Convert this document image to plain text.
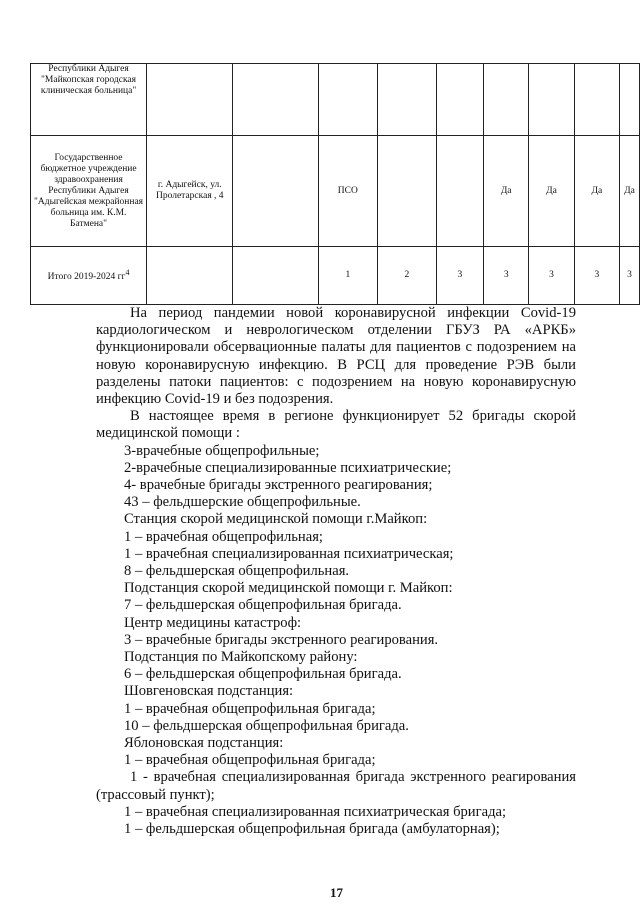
Республики Адыгея "Майкопская городская клиническая больница"									
Государственное бюджетное учреждение здравоохранения Республики Адыгея "Адыгейская межрайонная больница им. К.М. Батмена"	г. Адыгейск, ул. Пролетарская , 4		ПСО			Да	Да	Да	Да
Итого 2019-2024 $гг^4$			1	2	3	3	3	3	3

На период пандемии новой коронавирусной инфекции Covid-19 кардиологическом и неврологическом отделении ГБУЗ РА «АРКБ» функционировали обсервационные палаты для пациентов с подозрением на новую коронавирусную инфекцию. В РСЦ для проведение РЭВ были разделены патоки пациентов: с подозрением на новую коронавирусную инфекцию Covid-19 и без подозрения.

В настоящее время в регионе функционирует 52 бригады скорой медицинской помощи :

3-врачебные общепрофильные;

2-врачебные специализированные психиатрические;

4- врачебные бригады экстренного реагирования;

43 – фельдшерские общепрофильные.

Станция скорой медицинской помощи г.Майкоп:

1 – врачебная общепрофильная;

1 – врачебная специализированная психиатрическая;

8 – фельдшерская общепрофильная.

Подстанция скорой медицинской помощи г. Майкоп:

7 – фельдшерская общепрофильная бригада.

Центр медицины катастроф:

3 – врачебные бригады экстренного реагирования.

Подстанция по Майкопскому району:

6 – фельдшерская общепрофильная бригада.

Шовгеновская подстанция:

1 – врачебная общепрофильная бригада;

10 – фельдшерская общепрофильная бригада.

Яблоновская подстанция:

1 – врачебная общепрофильная бригада;

1 - врачебная специализированная бригада экстренного реагирования (трассовый пункт);

1 – врачебная специализированная психиатрическая бригада;

1 – фельдшерская общепрофильная бригада (амбулаторная);

17
